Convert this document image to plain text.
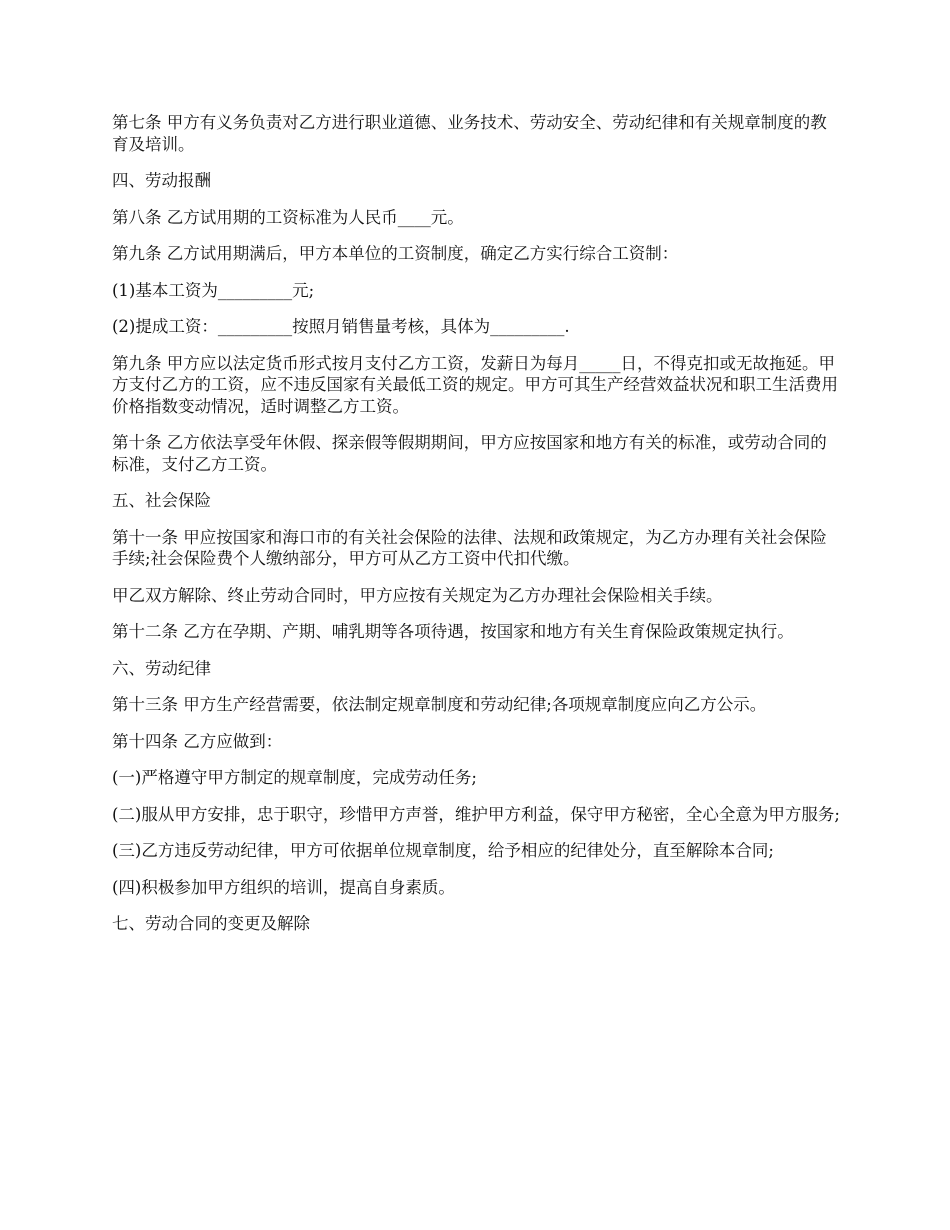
第七条 甲方有义务负责对乙方进行职业道德、业务技术、劳动安全、劳动纪律和有关规章制度的教育及培训。

四、劳动报酬

第八条 乙方试用期的工资标准为人民币____元。

第九条 乙方试用期满后，甲方本单位的工资制度，确定乙方实行综合工资制：

(1)基本工资为_________元;

(2)提成工资：_________按照月销售量考核，具体为_________.

第九条 甲方应以法定货币形式按月支付乙方工资，发薪日为每月_____日，不得克扣或无故拖延。甲方支付乙方的工资，应不违反国家有关最低工资的规定。甲方可其生产经营效益状况和职工生活费用价格指数变动情况，适时调整乙方工资。

第十条 乙方依法享受年休假、探亲假等假期期间，甲方应按国家和地方有关的标准，或劳动合同的标准，支付乙方工资。

五、社会保险

第十一条 甲应按国家和海口市的有关社会保险的法律、法规和政策规定，为乙方办理有关社会保险手续;社会保险费个人缴纳部分，甲方可从乙方工资中代扣代缴。

甲乙双方解除、终止劳动合同时，甲方应按有关规定为乙方办理社会保险相关手续。

第十二条 乙方在孕期、产期、哺乳期等各项待遇，按国家和地方有关生育保险政策规定执行。

六、劳动纪律

第十三条 甲方生产经营需要，依法制定规章制度和劳动纪律;各项规章制度应向乙方公示。

第十四条 乙方应做到：

(一)严格遵守甲方制定的规章制度，完成劳动任务;

(二)服从甲方安排，忠于职守，珍惜甲方声誉，维护甲方利益，保守甲方秘密，全心全意为甲方服务;

(三)乙方违反劳动纪律，甲方可依据单位规章制度，给予相应的纪律处分，直至解除本合同;

(四)积极参加甲方组织的培训，提高自身素质。

七、劳动合同的变更及解除
